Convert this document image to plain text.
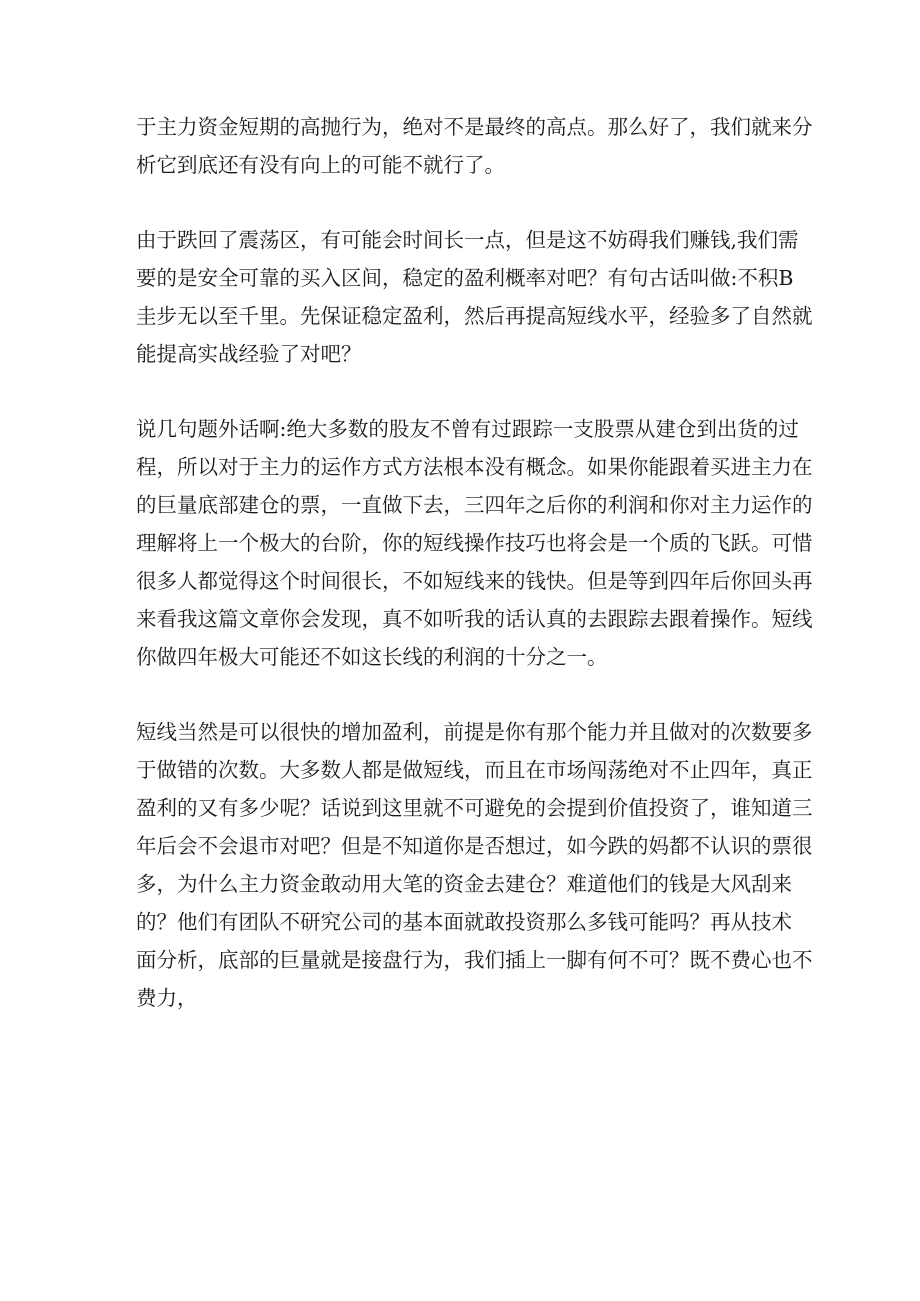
于主力资金短期的高抛行为，绝对不是最终的高点。那么好了，我们就来分
析它到底还有没有向上的可能不就行了。

由于跌回了震荡区，有可能会时间长一点，但是这不妨碍我们赚钱,我们需
要的是安全可靠的买入区间，稳定的盈利概率对吧？有句古话叫做:不积B
圭步无以至千里。先保证稳定盈利，然后再提高短线水平，经验多了自然就
能提高实战经验了对吧？

说几句题外话啊:绝大多数的股友不曾有过跟踪一支股票从建仓到出货的过
程，所以对于主力的运作方式方法根本没有概念。如果你能跟着买进主力在
的巨量底部建仓的票，一直做下去，三四年之后你的利润和你对主力运作的
理解将上一个极大的台阶，你的短线操作技巧也将会是一个质的飞跃。可惜
很多人都觉得这个时间很长，不如短线来的钱快。但是等到四年后你回头再
来看我这篇文章你会发现，真不如听我的话认真的去跟踪去跟着操作。短线
你做四年极大可能还不如这长线的利润的十分之一。

短线当然是可以很快的增加盈利，前提是你有那个能力并且做对的次数要多
于做错的次数。大多数人都是做短线，而且在市场闯荡绝对不止四年，真正
盈利的又有多少呢？话说到这里就不可避免的会提到价值投资了，谁知道三
年后会不会退市对吧？但是不知道你是否想过，如今跌的妈都不认识的票很
多，为什么主力资金敢动用大笔的资金去建仓？难道他们的钱是大风刮来
的？他们有团队不研究公司的基本面就敢投资那么多钱可能吗？再从技术
面分析，底部的巨量就是接盘行为，我们插上一脚有何不可？既不费心也不
费力，
